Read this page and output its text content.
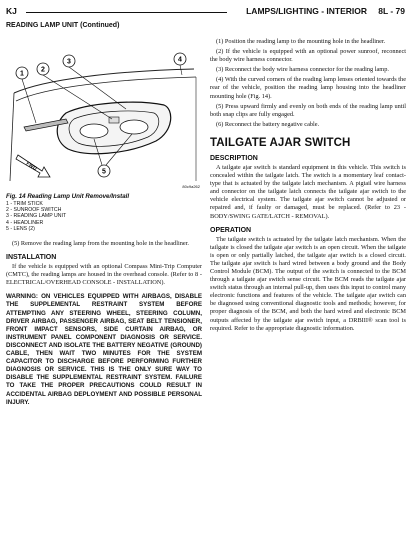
KJ	LAMPS/LIGHTING - INTERIOR 8L - 79
READING LAMP UNIT (Continued)
1
2
3	4
5
FWD
80c9a262
Fig. 14 Reading Lamp Unit Remove/Install
1 - TRIM STICK
2 - SUNROOF SWITCH
3 - READING LAMP UNIT
4 - HEADLINER
5 - LENS (2)

(5) Remove the reading lamp from the mounting hole in the headliner.

INSTALLATION

If the vehicle is equipped with an optional Compass Mini-Trip Computer (CMTC), the reading lamps are housed in the overhead console. (Refer to 8 - ELECTRICAL/OVERHEAD CONSOLE - INSTALLATION).

WARNING: ON VEHICLES EQUIPPED WITH AIRBAGS, DISABLE THE SUPPLEMENTAL RESTRAINT SYSTEM BEFORE ATTEMPTING ANY STEERING WHEEL, STEERING COLUMN, DRIVER AIRBAG, PASSENGER AIRBAG, SEAT BELT TENSIONER, FRONT IMPACT SENSORS, SIDE CURTAIN AIRBAG, OR INSTRUMENT PANEL COMPONENT DIAGNOSIS OR SERVICE. DISCONNECT AND ISOLATE THE BATTERY NEGATIVE (GROUND) CABLE, THEN WAIT TWO MINUTES FOR THE SYSTEM CAPACITOR TO DISCHARGE BEFORE PERFORMING FURTHER DIAGNOSIS OR SERVICE. THIS IS THE ONLY SURE WAY TO DISABLE THE SUPPLEMENTAL RESTRAINT SYSTEM. FAILURE TO TAKE THE PROPER PRECAUTIONS COULD RESULT IN ACCIDENTAL AIRBAG DEPLOYMENT AND POSSIBLE PERSONAL INJURY.

(1) Position the reading lamp to the mounting hole in the headliner.

(2) If the vehicle is equipped with an optional power sunroof, reconnect the body wire harness connector.

(3) Reconnect the body wire harness connector for the reading lamp.

(4) With the curved corners of the reading lamp lenses oriented towards the rear of the vehicle, position the reading lamp housing into the headliner mounting hole (Fig. 14).

(5) Press upward firmly and evenly on both ends of the reading lamp until both snap clips are fully engaged.

(6) Reconnect the battery negative cable.

TAILGATE AJAR SWITCH
DESCRIPTION

A tailgate ajar switch is standard equipment in this vehicle. This switch is concealed within the tailgate latch. The switch is a momentary leaf contact-type that is actuated by the tailgate latch mechanism. A pigtail wire harness and connector on the tailgate latch connects the tailgate ajar switch to the vehicle electrical system. The tailgate ajar switch cannot be adjusted or repaired and, if faulty or damaged, must be replaced. (Refer to 23 - BODY/SWING GATE/LATCH - REMOVAL).

OPERATION

The tailgate switch is actuated by the tailgate latch mechanism. When the tailgate is closed the tailgate ajar switch is an open circuit. When the tailgate is open or only partially latched, the tailgate ajar switch is a closed circuit. The tailgate ajar switch is hard wired between a body ground and the Body Control Module (BCM). The output of the switch is connected to the BCM through a tailgate ajar switch sense circuit. The BCM reads the tailgate ajar switch status through an internal pull-up, then uses this input to control many electronic functions and features of the vehicle. The tailgate ajar switch can be diagnosed using conventional diagnostic tools and methods; however, for proper diagnosis of the BCM, and both the hard wired and electronic BCM outputs affected by the tailgate ajar switch input, a DRBIII® scan tool is required. Refer to the appropriate diagnostic information.
